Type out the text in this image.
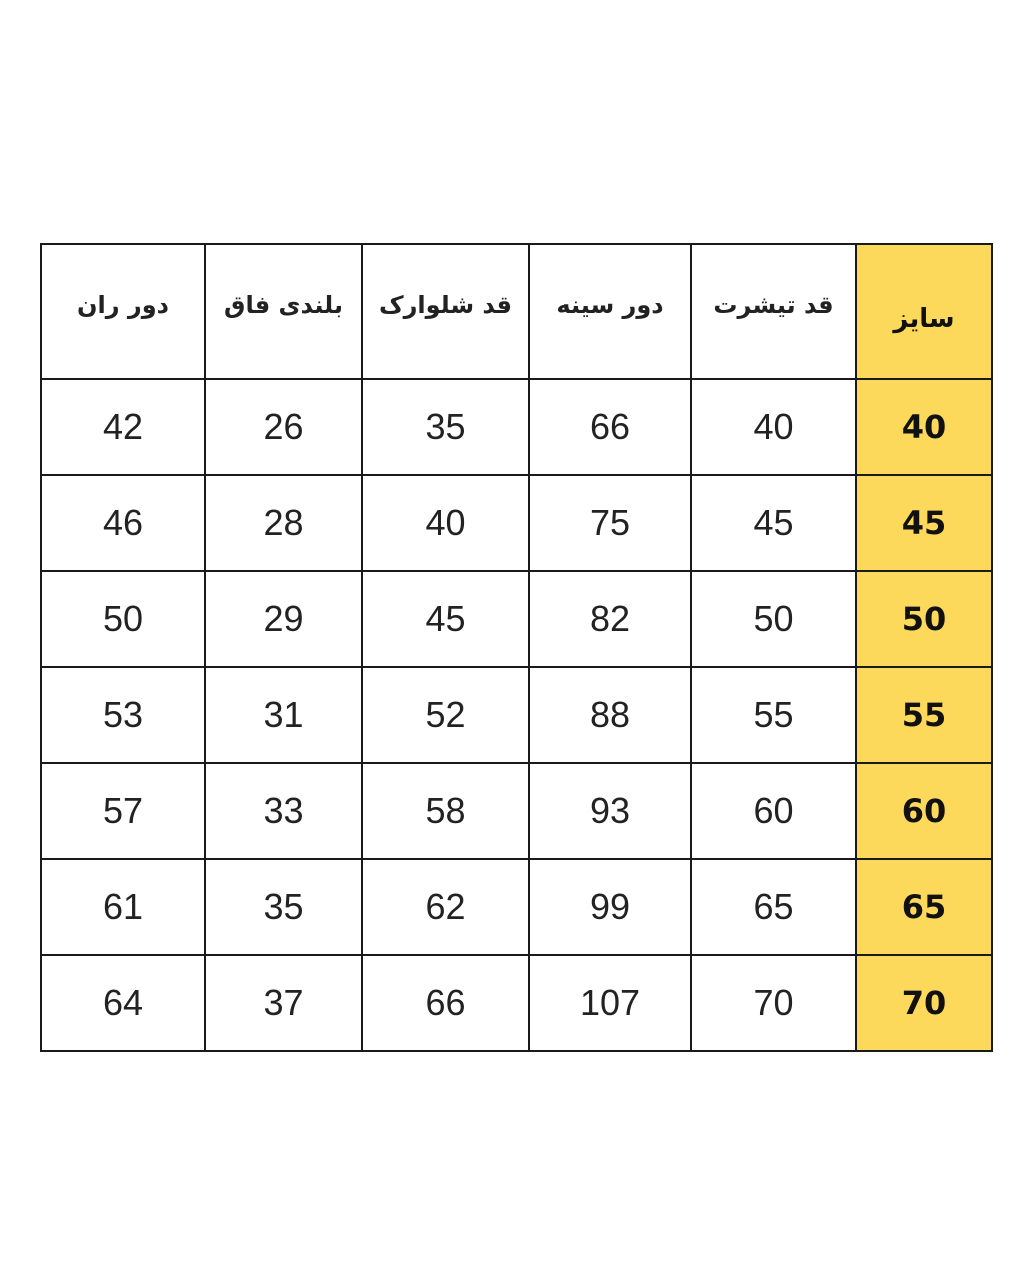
دور ران	بلندی فاق	قد شلوارک	دور سینه	قد تیشرت	سایز
42	26	35	66	40	40
46	28	40	75	45	45
50	29	45	82	50	50
53	31	52	88	55	55
57	33	58	93	60	60
61	35	62	99	65	65
64	37	66	107	70	70
